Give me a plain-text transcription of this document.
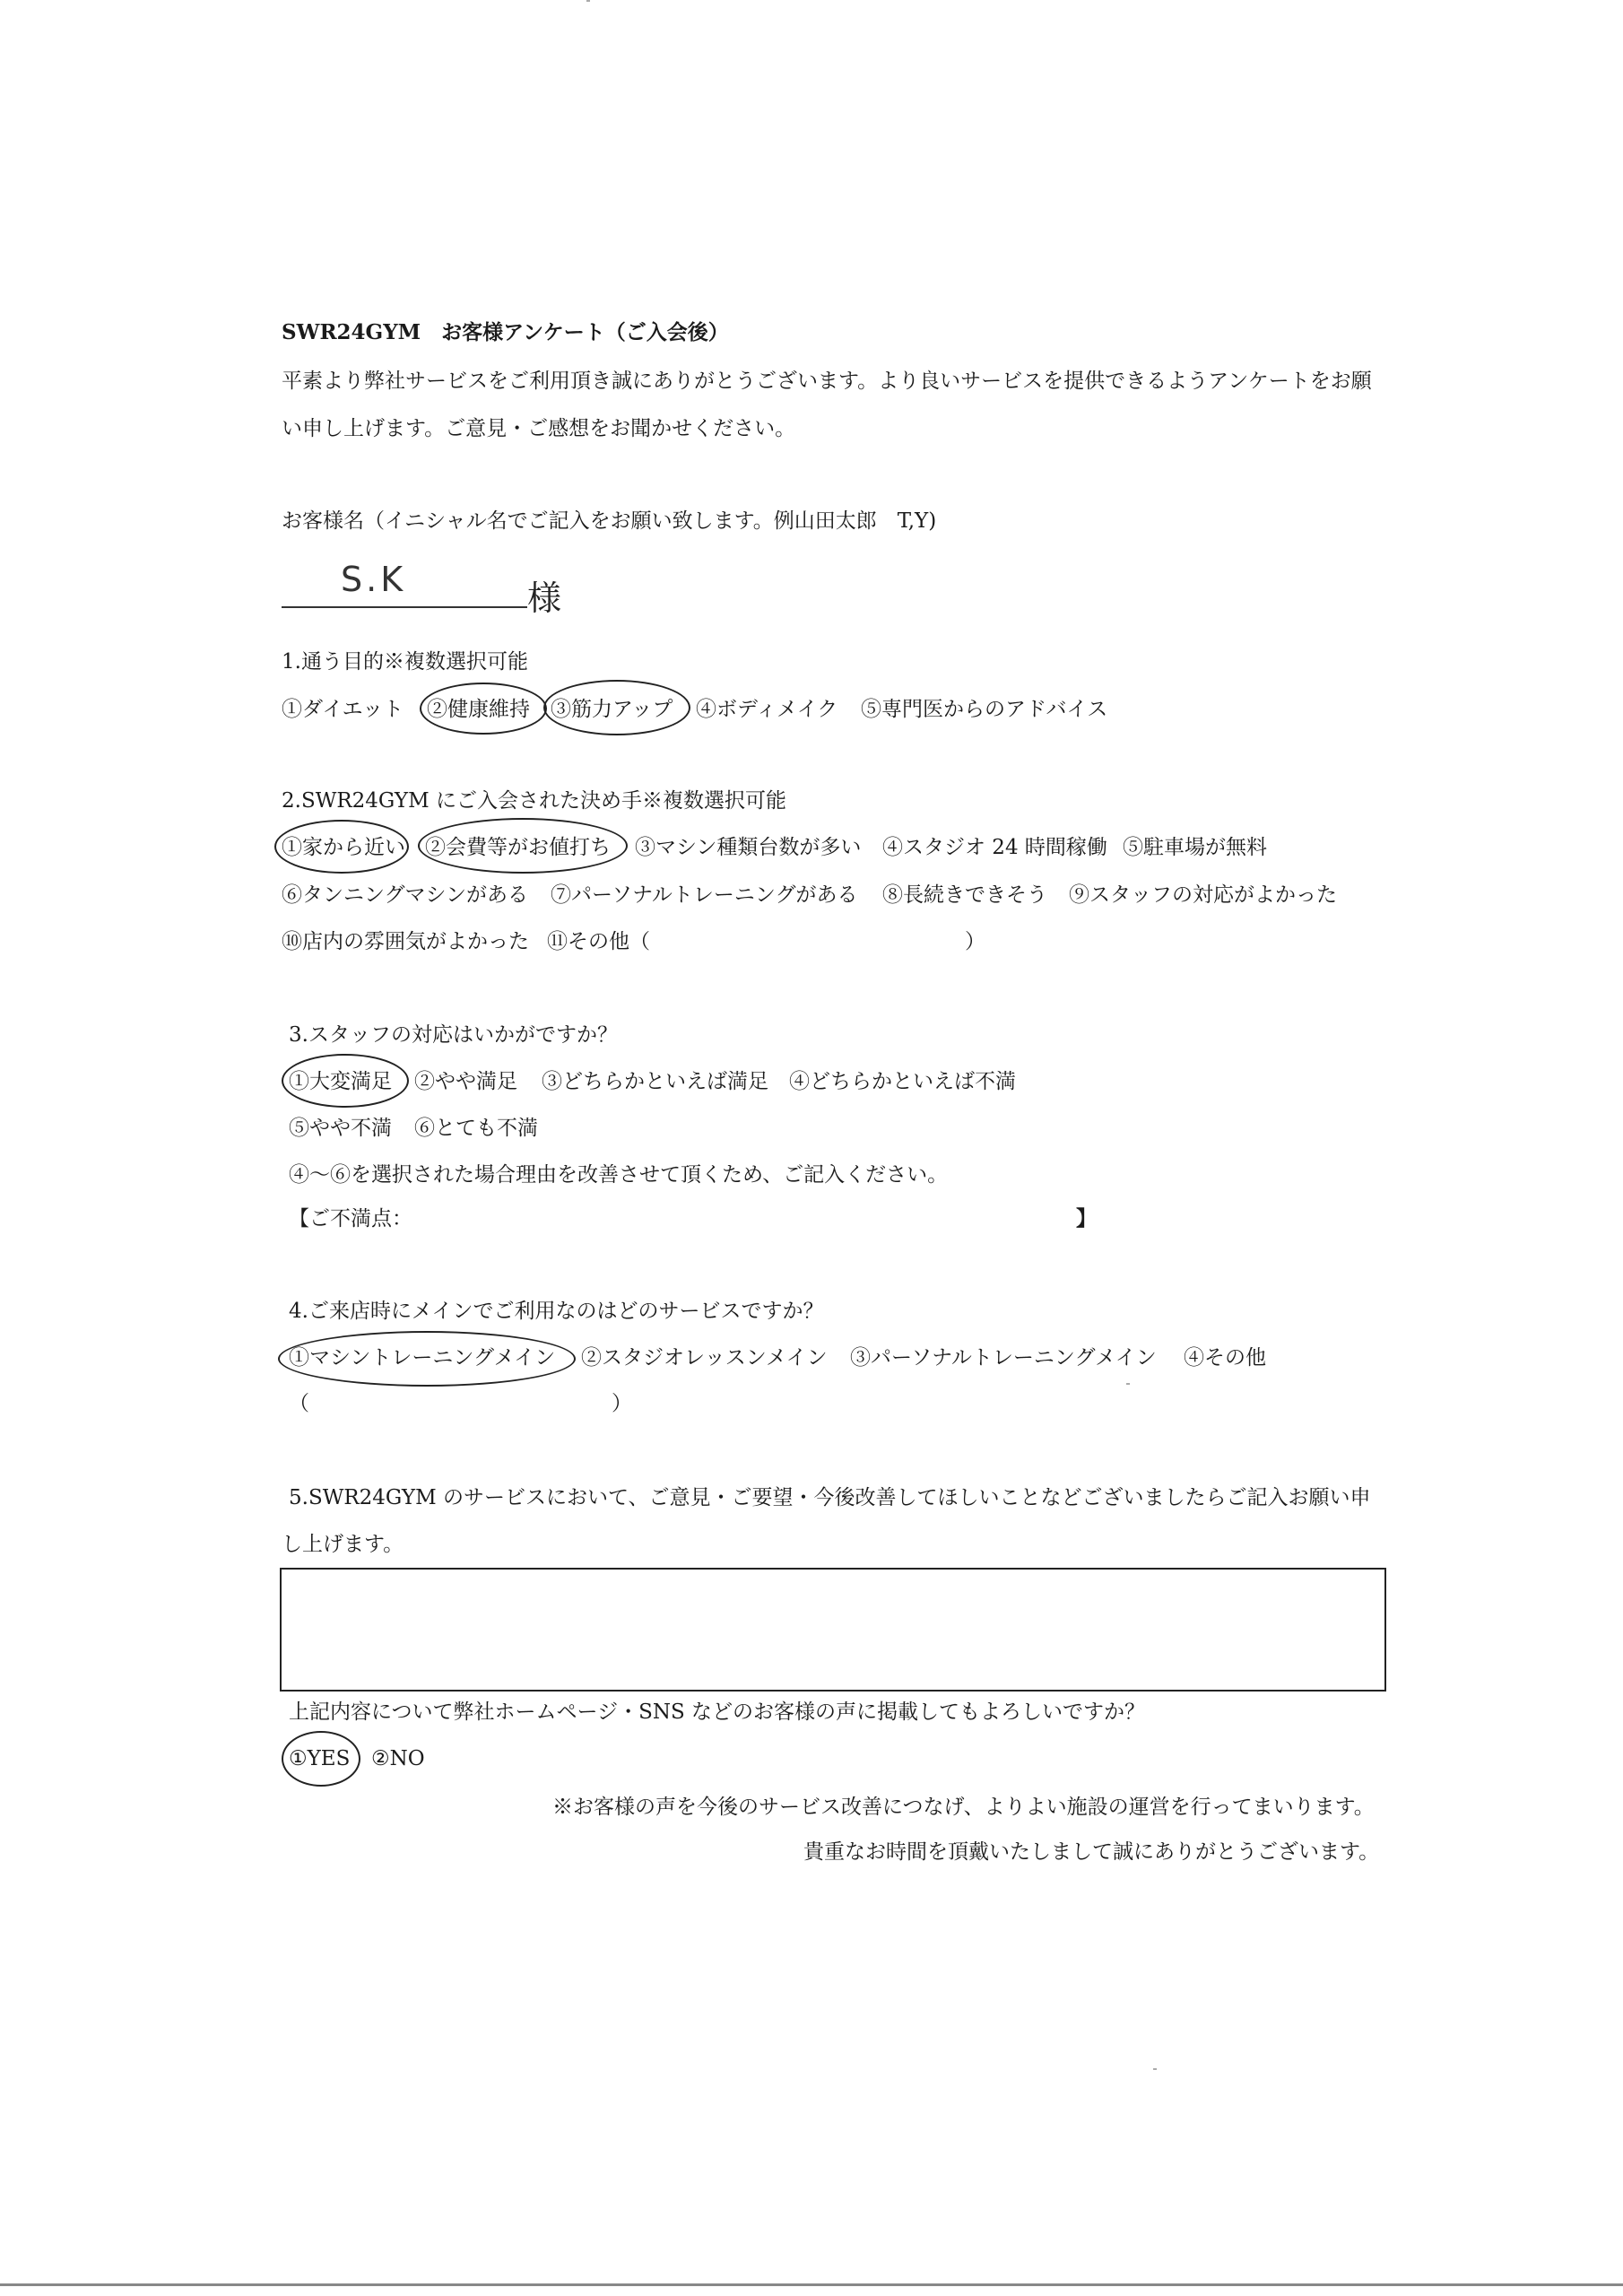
SWR24GYM　お客様アンケート（ご入会後）
平素より弊社サービスをご利用頂き誠にありがとうございます。より良いサービスを提供できるようアンケートをお願
い申し上げます。ご意見・ご感想をお聞かせください。
お客様名（イニシャル名でご記入をお願い致します。例山田太郎　T,Y)
S.K	様
1.通う目的※複数選択可能
①ダイエット ②健康維持 ③筋力アップ ④ボディメイク ⑤専門医からのアドバイス
2.SWR24GYM にご入会された決め手※複数選択可能
①家から近い ②会費等がお値打ち ③マシン種類台数が多い ④スタジオ 24 時間稼働 ⑤駐車場が無料
⑥タンニングマシンがある ⑦パーソナルトレーニングがある ⑧長続きできそう ⑨スタッフの対応がよかった
⑩店内の雰囲気がよかった ⑪その他（	）
3.スタッフの対応はいかがですか？
①大変満足 ②やや満足 ③どちらかといえば満足 ④どちらかといえば不満
⑤やや不満 ⑥とても不満
④～⑥を選択された場合理由を改善させて頂くため、ご記入ください。
【ご不満点：	】
4.ご来店時にメインでご利用なのはどのサービスですか？
①マシントレーニングメイン ②スタジオレッスンメイン ③パーソナルトレーニングメイン ④その他
（	）
5.SWR24GYM のサービスにおいて、ご意見・ご要望・今後改善してほしいことなどございましたらご記入お願い申
し上げます。
上記内容について弊社ホームページ・SNS などのお客様の声に掲載してもよろしいですか？
①YES ②NO
※お客様の声を今後のサービス改善につなげ、よりよい施設の運営を行ってまいります。
貴重なお時間を頂戴いたしまして誠にありがとうございます。
